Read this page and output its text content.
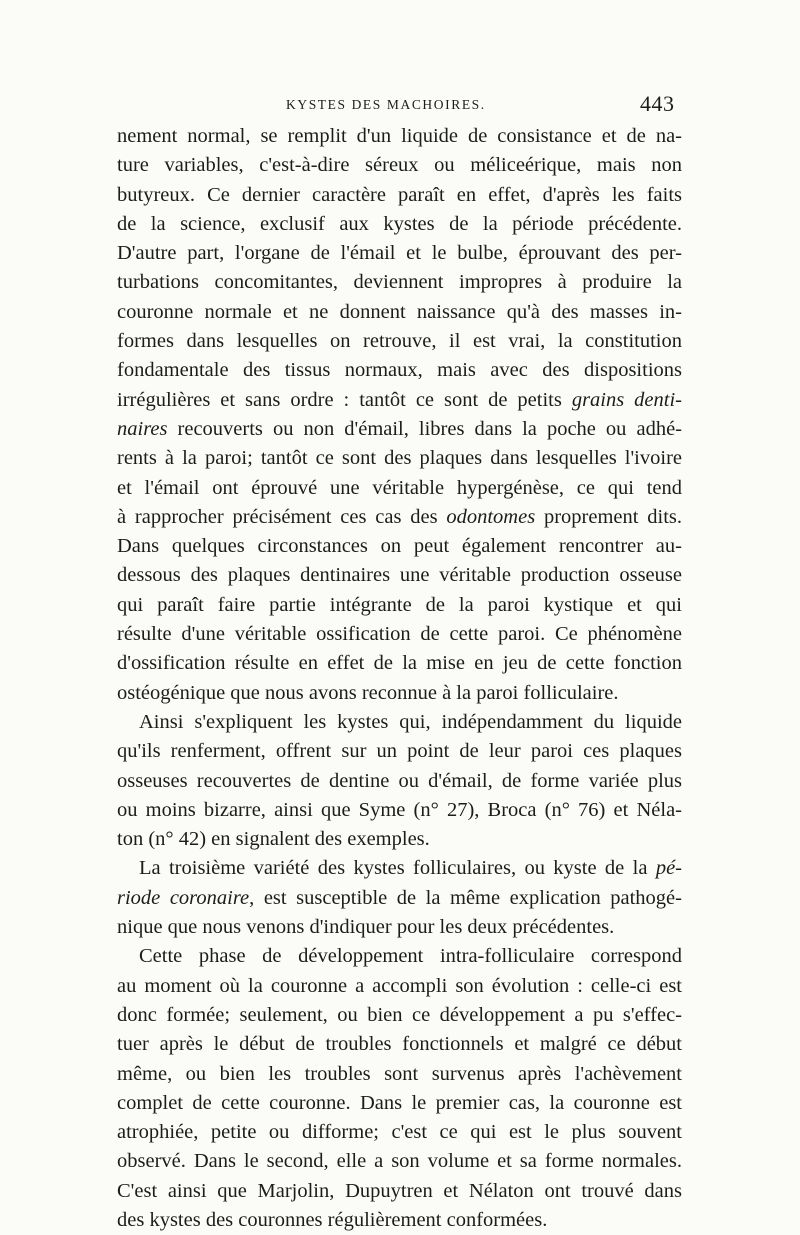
KYSTES DES MACHOIRES.	443
nement normal, se remplit d'un liquide de consistance et de na-
ture variables, c'est-à-dire séreux ou méliceérique, mais non
butyreux. Ce dernier caractère paraît en effet, d'après les faits
de la science, exclusif aux kystes de la période précédente.
D'autre part, l'organe de l'émail et le bulbe, éprouvant des per-
turbations concomitantes, deviennent impropres à produire la
couronne normale et ne donnent naissance qu'à des masses in-
formes dans lesquelles on retrouve, il est vrai, la constitution
fondamentale des tissus normaux, mais avec des dispositions
irrégulières et sans ordre : tantôt ce sont de petits grains denti-
naires recouverts ou non d'émail, libres dans la poche ou adhé-
rents à la paroi; tantôt ce sont des plaques dans lesquelles l'ivoire
et l'émail ont éprouvé une véritable hypergénèse, ce qui tend
à rapprocher précisément ces cas des odontomes proprement dits.
Dans quelques circonstances on peut également rencontrer au-
dessous des plaques dentinaires une véritable production osseuse
qui paraît faire partie intégrante de la paroi kystique et qui
résulte d'une véritable ossification de cette paroi. Ce phénomène
d'ossification résulte en effet de la mise en jeu de cette fonction
ostéogénique que nous avons reconnue à la paroi folliculaire.
Ainsi s'expliquent les kystes qui, indépendamment du liquide
qu'ils renferment, offrent sur un point de leur paroi ces plaques
osseuses recouvertes de dentine ou d'émail, de forme variée plus
ou moins bizarre, ainsi que Syme (n° 27), Broca (n° 76) et Néla-
ton (n° 42) en signalent des exemples.
La troisième variété des kystes folliculaires, ou kyste de la pé-
riode coronaire, est susceptible de la même explication pathogé-
nique que nous venons d'indiquer pour les deux précédentes.
Cette phase de développement intra-folliculaire correspond
au moment où la couronne a accompli son évolution : celle-ci est
donc formée; seulement, ou bien ce développement a pu s'effec-
tuer après le début de troubles fonctionnels et malgré ce début
même, ou bien les troubles sont survenus après l'achèvement
complet de cette couronne. Dans le premier cas, la couronne est
atrophiée, petite ou difforme; c'est ce qui est le plus souvent
observé. Dans le second, elle a son volume et sa forme normales.
C'est ainsi que Marjolin, Dupuytren et Nélaton ont trouvé dans
des kystes des couronnes régulièrement conformées.
